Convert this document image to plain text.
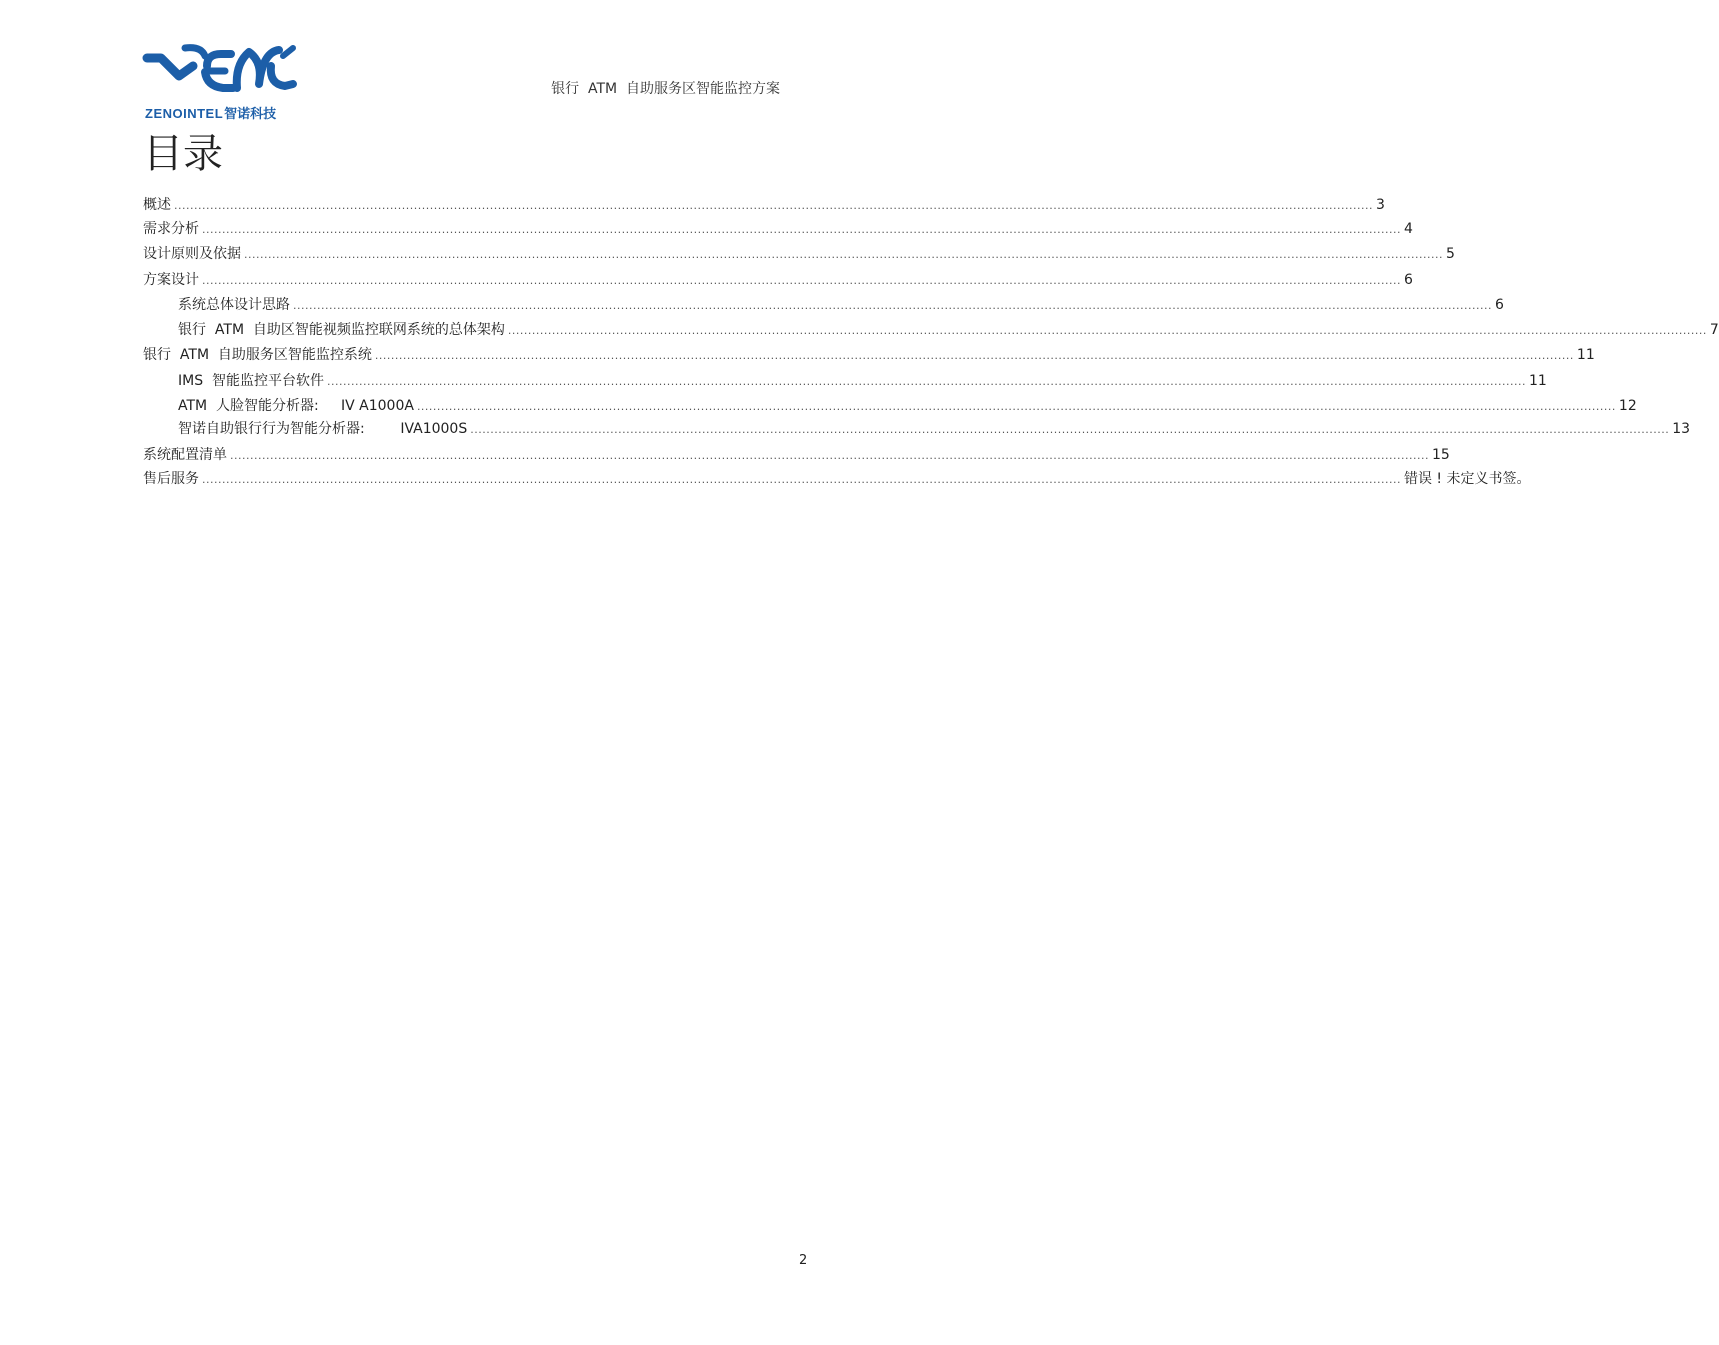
ZENOINTEL智诺科技
银行  ATM  自助服务区智能监控方案
目录
概述 ............................................................................................................................................................................................................................................................................................................ 3
需求分析 ............................................................................................................................................................................................................................................................................................................ 4
设计原则及依据 ............................................................................................................................................................................................................................................................................................................ 5
方案设计 ............................................................................................................................................................................................................................................................................................................ 6
系统总体设计思路 ............................................................................................................................................................................................................................................................................................................ 6
银行  ATM  自助区智能视频监控联网系统的总体架构 ............................................................................................................................................................................................................................................................................................................ 7
银行  ATM  自助服务区智能监控系统 ............................................................................................................................................................................................................................................................................................................ 11
IMS  智能监控平台软件 ............................................................................................................................................................................................................................................................................................................ 11
ATM  人脸智能分析器:     IV A1000A ............................................................................................................................................................................................................................................................................................................ 12
智诺自助银行行为智能分析器:        IVA1000S ............................................................................................................................................................................................................................................................................................................ 13
系统配置清单 ............................................................................................................................................................................................................................................................................................................ 15
售后服务 ............................................................................................................................................................................................................................................................................................................ 错误 ! 未定义书签。
2
